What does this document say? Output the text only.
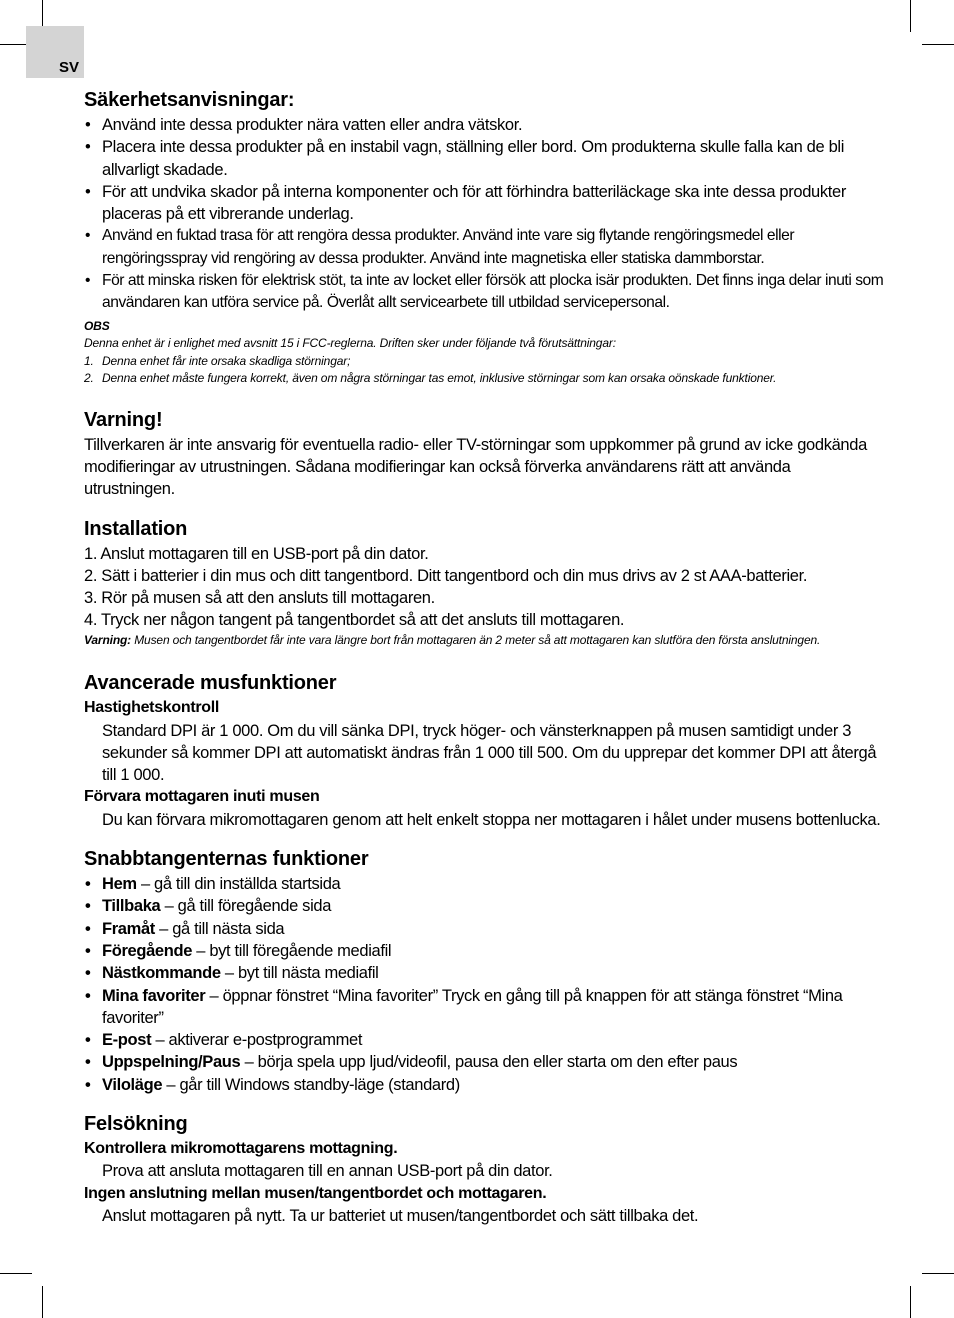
SV
Säkerhetsanvisningar:
• Använd inte dessa produkter nära vatten eller andra vätskor.
• Placera inte dessa produkter på en instabil vagn, ställning eller bord. Om produkterna skulle falla kan de bli allvarligt skadade.
• För att undvika skador på interna komponenter och för att förhindra batteriläckage ska inte dessa produkter placeras på ett vibrerande underlag.
• Använd en fuktad trasa för att rengöra dessa produkter. Använd inte vare sig flytande rengöringsmedel eller rengöringsspray vid rengöring av dessa produkter. Använd inte magnetiska eller statiska dammborstar.
• För att minska risken för elektrisk stöt, ta inte av locket eller försök att plocka isär produkten. Det finns inga delar inuti som användaren kan utföra service på. Överlåt allt servicearbete till utbildad servicepersonal.

OBS

Denna enhet är i enlighet med avsnitt 15 i FCC-reglerna. Driften sker under följande två förutsättningar:

1. Denna enhet får inte orsaka skadliga störningar;

2. Denna enhet måste fungera korrekt, även om några störningar tas emot, inklusive störningar som kan orsaka oönskade funktioner.

Varning!

Tillverkaren är inte ansvarig för eventuella radio- eller TV-störningar som uppkommer på grund av icke godkända modifieringar av utrustningen. Sådana modifieringar kan också förverka användarens rätt att använda utrustningen.

Installation

1. Anslut mottagaren till en USB-port på din dator.

2. Sätt i batterier i din mus och ditt tangentbord. Ditt tangentbord och din mus drivs av 2 st AAA-batterier.

3. Rör på musen så att den ansluts till mottagaren.

4. Tryck ner någon tangent på tangentbordet så att det ansluts till mottagaren.

Varning: Musen och tangentbordet får inte vara längre bort från mottagaren än 2 meter så att mottagaren kan slutföra den första anslutningen.

Avancerade musfunktioner

Hastighetskontroll

Standard DPI är 1 000. Om du vill sänka DPI, tryck höger- och vänsterknappen på musen samtidigt under 3 sekunder så kommer DPI att automatiskt ändras från 1 000 till 500. Om du upprepar det kommer DPI att återgå till 1 000.

Förvara mottagaren inuti musen

Du kan förvara mikromottagaren genom att helt enkelt stoppa ner mottagaren i hålet under musens bottenlucka.

Snabbtangenternas funktioner
• Hem – gå till din inställda startsida
• Tillbaka – gå till föregående sida
• Framåt – gå till nästa sida
• Föregående – byt till föregående mediafil
• Nästkommande – byt till nästa mediafil
• Mina favoriter – öppnar fönstret “Mina favoriter” Tryck en gång till på knappen för att stänga fönstret “Mina favoriter”
• E-post – aktiverar e-postprogrammet
• Uppspelning/Paus – börja spela upp ljud/videofil, pausa den eller starta om den efter paus
• Viloläge – går till Windows standby-läge (standard)
Felsökning

Kontrollera mikromottagarens mottagning.

Prova att ansluta mottagaren till en annan USB-port på din dator.

Ingen anslutning mellan musen/tangentbordet och mottagaren.

Anslut mottagaren på nytt. Ta ur batteriet ut musen/tangentbordet och sätt tillbaka det.
